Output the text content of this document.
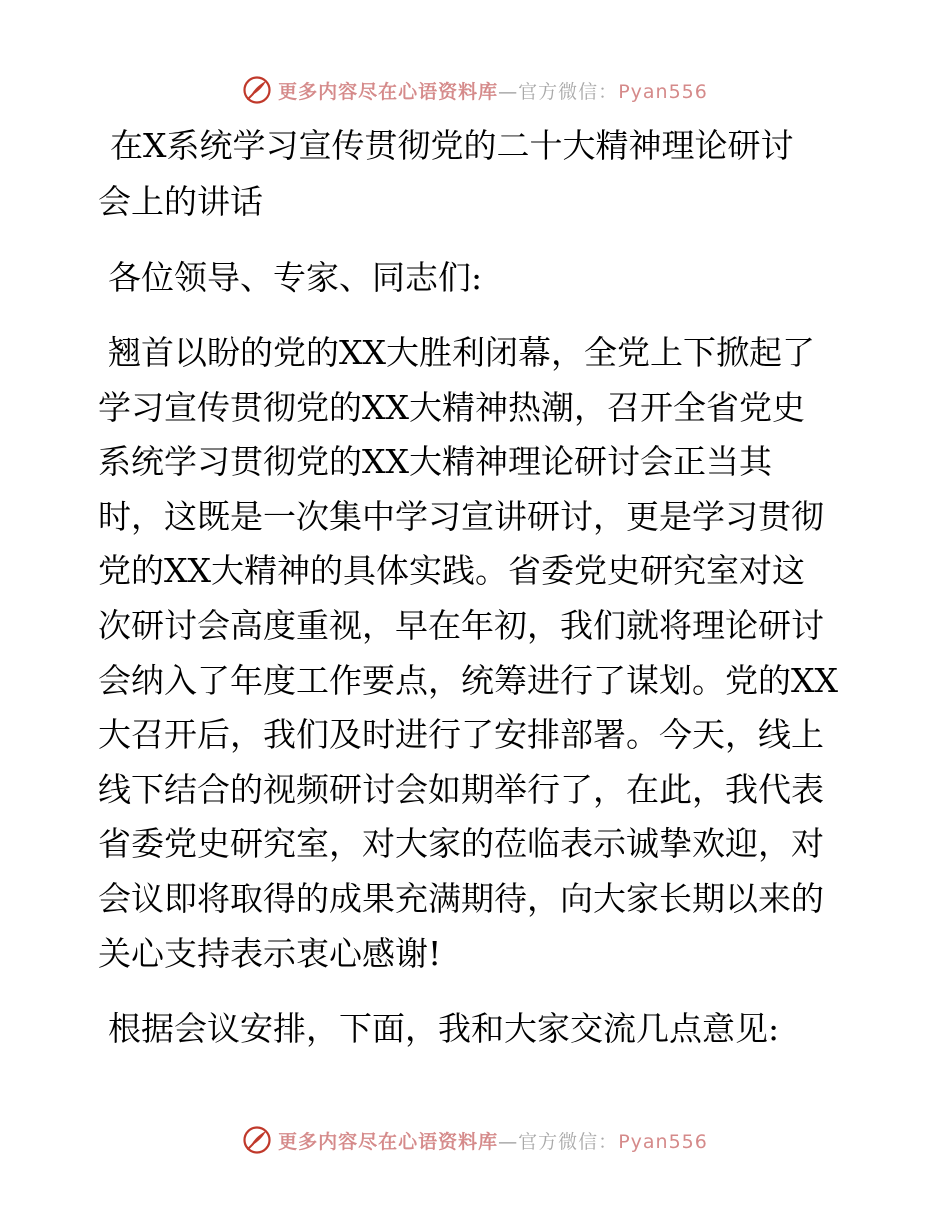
更多内容尽在心语资料库—官方微信：Pyan556
在X系统学习宣传贯彻党的二十大精神理论研讨
会上的讲话

各位领导、专家、同志们:

翘首以盼的党的XX大胜利闭幕，全党上下掀起了
学习宣传贯彻党的XX大精神热潮，召开全省党史
系统学习贯彻党的XX大精神理论研讨会正当其
时，这既是一次集中学习宣讲研讨，更是学习贯彻
党的XX大精神的具体实践。省委党史研究室对这
次研讨会高度重视，早在年初，我们就将理论研讨
会纳入了年度工作要点，统筹进行了谋划。党的XX
大召开后，我们及时进行了安排部署。今天，线上
线下结合的视频研讨会如期举行了，在此，我代表
省委党史研究室，对大家的莅临表示诚挚欢迎，对
会议即将取得的成果充满期待，向大家长期以来的
关心支持表示衷心感谢!

根据会议安排，下面，我和大家交流几点意见:

更多内容尽在心语资料库—官方微信：Pyan556
